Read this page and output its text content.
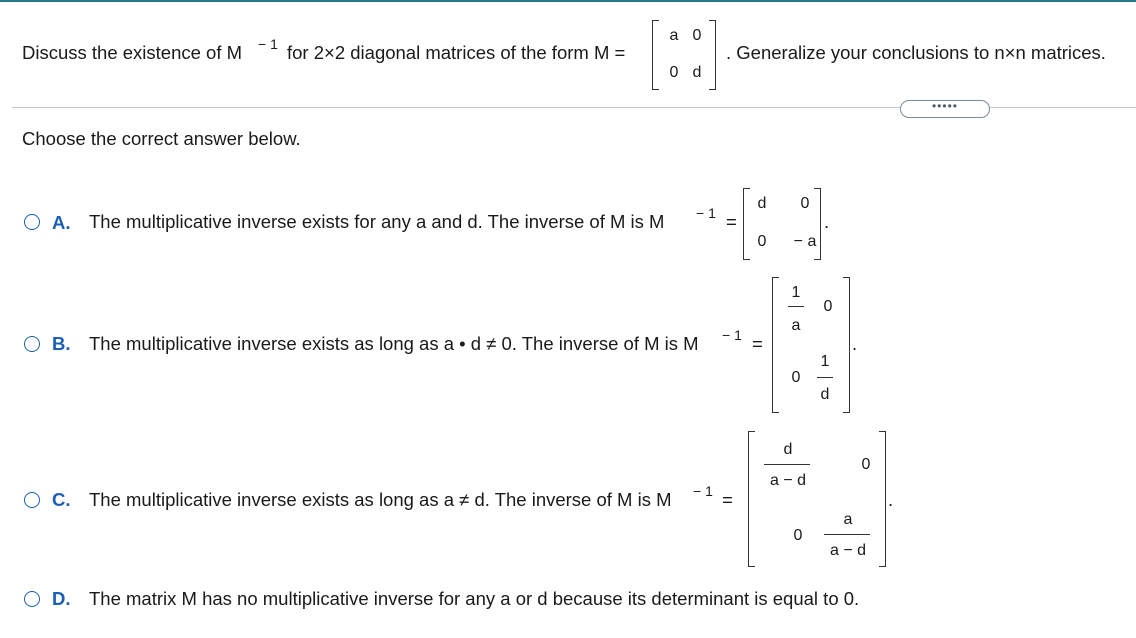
Discuss the existence of M − 1 for 2×2 diagonal matrices of the form M =
a 0
0 d
. Generalize your conclusions to n×n matrices.
•••••
Choose the correct answer below.
A. The multiplicative inverse exists for any a and d. The inverse of M is M − 1 =
d	0
0	− a
.
B. The multiplicative inverse exists as long as a • d ≠ 0. The inverse of M is M − 1 =
1
a
0
0
1
d
.
C. The multiplicative inverse exists as long as a ≠ d. The inverse of M is M − 1 =
d
a − d
0
0
a
a − d
.
D. The matrix M has no multiplicative inverse for any a or d because its determinant is equal to 0.
